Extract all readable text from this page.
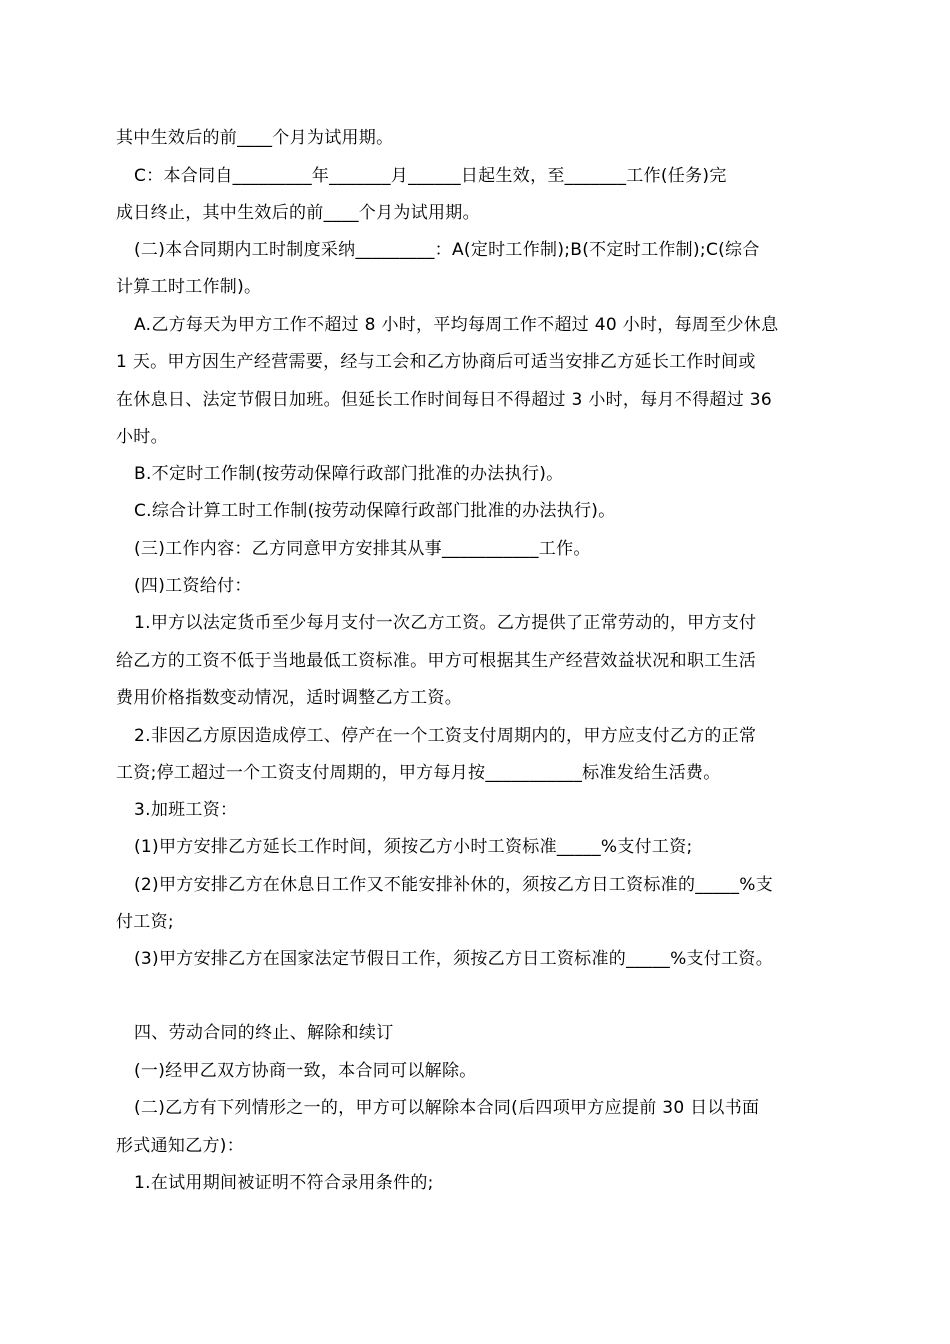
其中生效后的前____个月为试用期。
C：本合同自_________年_______月______日起生效，至_______工作(任务)完
成日终止，其中生效后的前____个月为试用期。
(二)本合同期内工时制度采纳_________：A(定时工作制);B(不定时工作制);C(综合
计算工时工作制)。
A.乙方每天为甲方工作不超过 8 小时，平均每周工作不超过 40 小时，每周至少休息
1 天。甲方因生产经营需要，经与工会和乙方协商后可适当安排乙方延长工作时间或
在休息日、法定节假日加班。但延长工作时间每日不得超过 3 小时，每月不得超过 36
小时。
B.不定时工作制(按劳动保障行政部门批准的办法执行)。
C.综合计算工时工作制(按劳动保障行政部门批准的办法执行)。
(三)工作内容：乙方同意甲方安排其从事___________工作。
(四)工资给付：
1.甲方以法定货币至少每月支付一次乙方工资。乙方提供了正常劳动的，甲方支付
给乙方的工资不低于当地最低工资标准。甲方可根据其生产经营效益状况和职工生活
费用价格指数变动情况，适时调整乙方工资。
2.非因乙方原因造成停工、停产在一个工资支付周期内的，甲方应支付乙方的正常
工资;停工超过一个工资支付周期的，甲方每月按___________标准发给生活费。
3.加班工资：
(1)甲方安排乙方延长工作时间，须按乙方小时工资标准_____%支付工资;
(2)甲方安排乙方在休息日工作又不能安排补休的，须按乙方日工资标准的_____%支
付工资;
(3)甲方安排乙方在国家法定节假日工作，须按乙方日工资标准的_____%支付工资。
四、劳动合同的终止、解除和续订
(一)经甲乙双方协商一致，本合同可以解除。
(二)乙方有下列情形之一的，甲方可以解除本合同(后四项甲方应提前 30 日以书面
形式通知乙方)：
1.在试用期间被证明不符合录用条件的;
